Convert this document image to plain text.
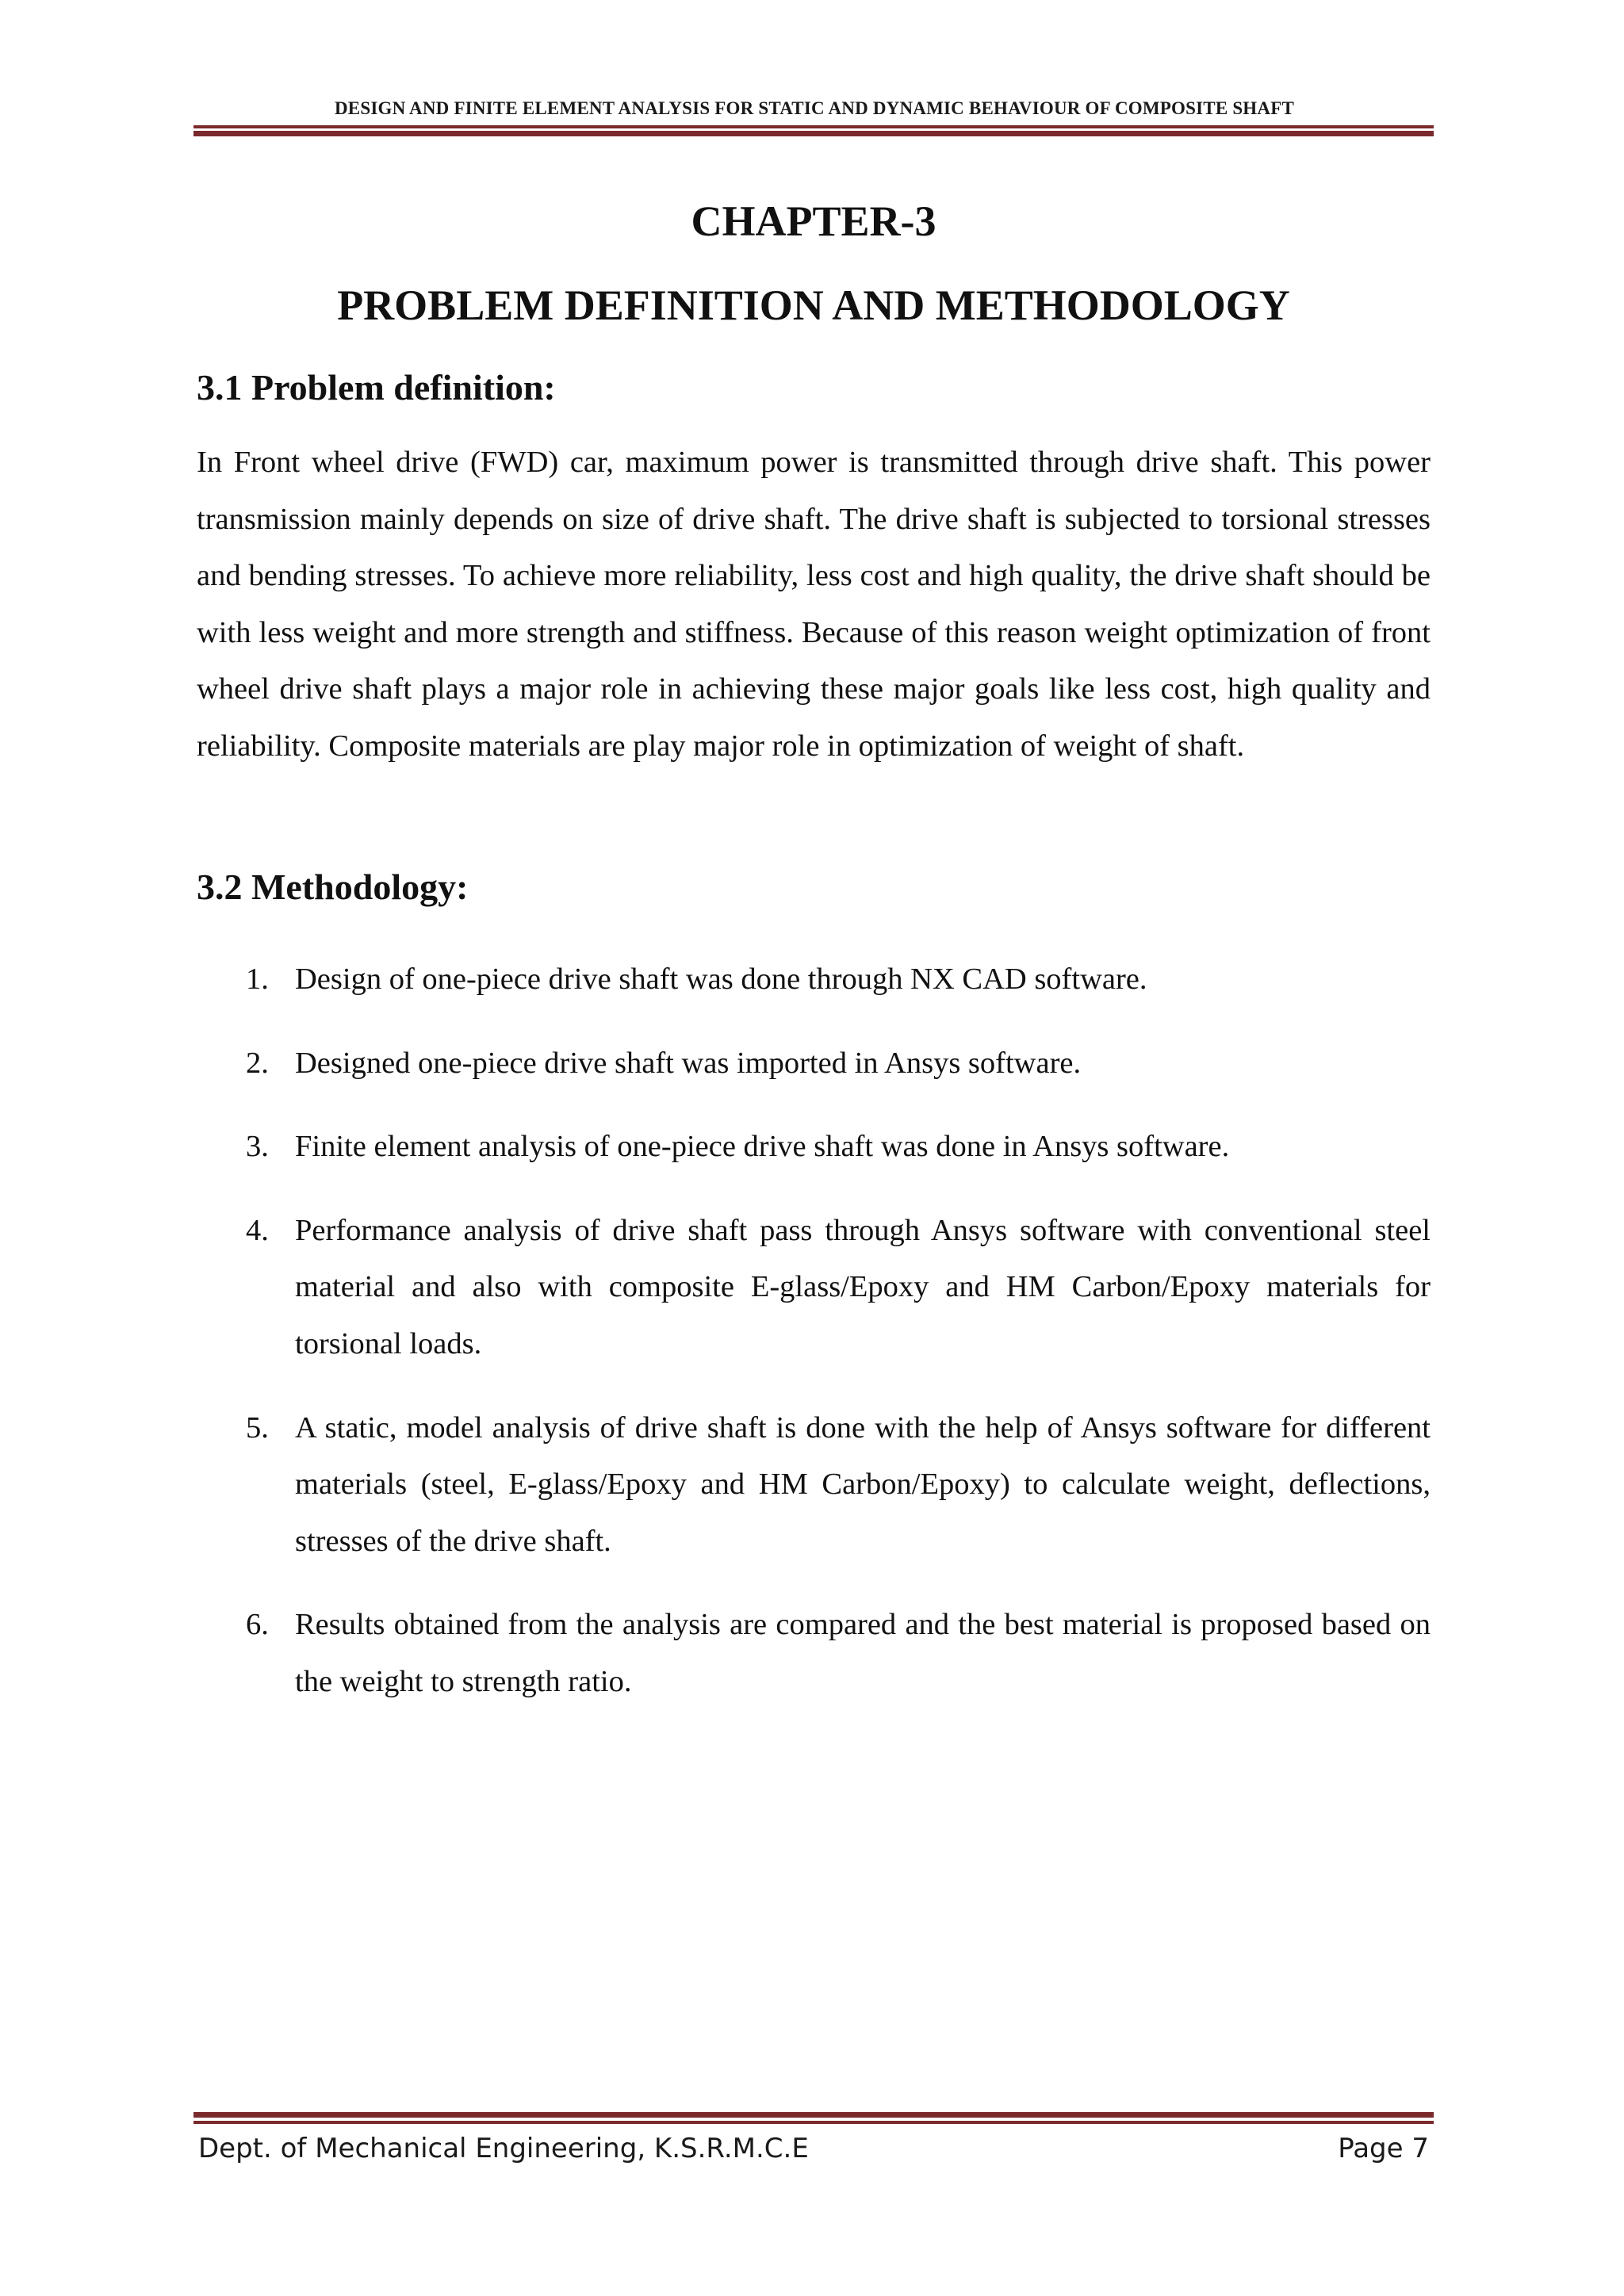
DESIGN AND FINITE ELEMENT ANALYSIS FOR STATIC AND DYNAMIC BEHAVIOUR OF COMPOSITE SHAFT
CHAPTER-3
PROBLEM DEFINITION AND METHODOLOGY
3.1 Problem definition:

In Front wheel drive (FWD) car, maximum power is transmitted through drive shaft. This power transmission mainly depends on size of drive shaft. The drive shaft is subjected to torsional stresses and bending stresses. To achieve more reliability, less cost and high quality, the drive shaft should be with less weight and more strength and stiffness. Because of this reason weight optimization of front wheel drive shaft plays a major role in achieving these major goals like less cost, high quality and reliability. Composite materials are play major role in optimization of weight of shaft.

3.2 Methodology:
1. Design of one-piece drive shaft was done through NX CAD software.
2. Designed one-piece drive shaft was imported in Ansys software.
3. Finite element analysis of one-piece drive shaft was done in Ansys software.
4. Performance analysis of drive shaft pass through Ansys software with conventional steel material and also with composite E-glass/Epoxy and HM Carbon/Epoxy materials for torsional loads.
5. A static, model analysis of drive shaft is done with the help of Ansys software for different materials (steel, E-glass/Epoxy and HM Carbon/Epoxy) to calculate weight, deflections, stresses of the drive shaft.
6. Results obtained from the analysis are compared and the best material is proposed based on the weight to strength ratio.
Dept. of Mechanical Engineering, K.S.R.M.C.E	Page 7
